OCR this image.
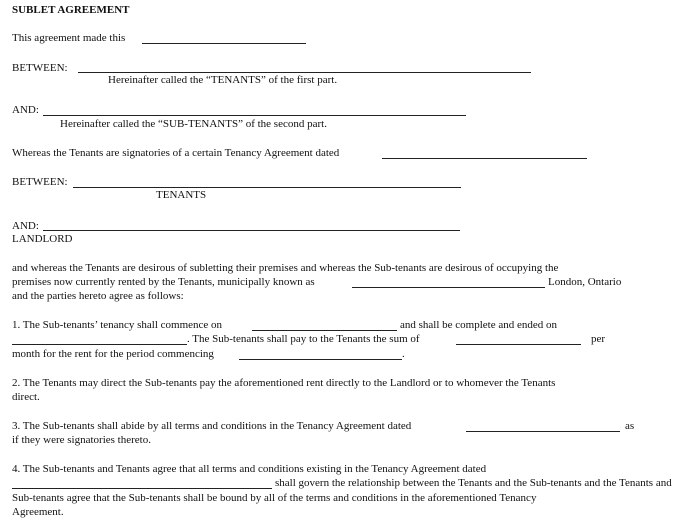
SUBLET AGREEMENT
This agreement made this
BETWEEN:
Hereinafter called the “TENANTS” of the first part.
AND:
Hereinafter called the “SUB-TENANTS” of the second part.
Whereas the Tenants are signatories of a certain Tenancy Agreement dated
BETWEEN:
TENANTS
AND:
LANDLORD
and whereas the Tenants are desirous of subletting their premises and whereas the Sub-tenants are desirous of occupying the
premises now currently rented by the Tenants, municipally known as	London, Ontario
and the parties hereto agree as follows:
1. The Sub-tenants’ tenancy shall commence on	and shall be complete and ended on
. The Sub-tenants shall pay to the Tenants the sum of	per
month for the rent for the period commencing	.
2. The Tenants may direct the Sub-tenants pay the aforementioned rent directly to the Landlord or to whomever the Tenants
direct.
3. The Sub-tenants shall abide by all terms and conditions in the Tenancy Agreement dated	as
if they were signatories thereto.
4. The Sub-tenants and Tenants agree that all terms and conditions existing in the Tenancy Agreement dated
shall govern the relationship between the Tenants and the Sub-tenants and the Tenants and
Sub-tenants agree that the Sub-tenants shall be bound by all of the terms and conditions in the aforementioned Tenancy
Agreement.
